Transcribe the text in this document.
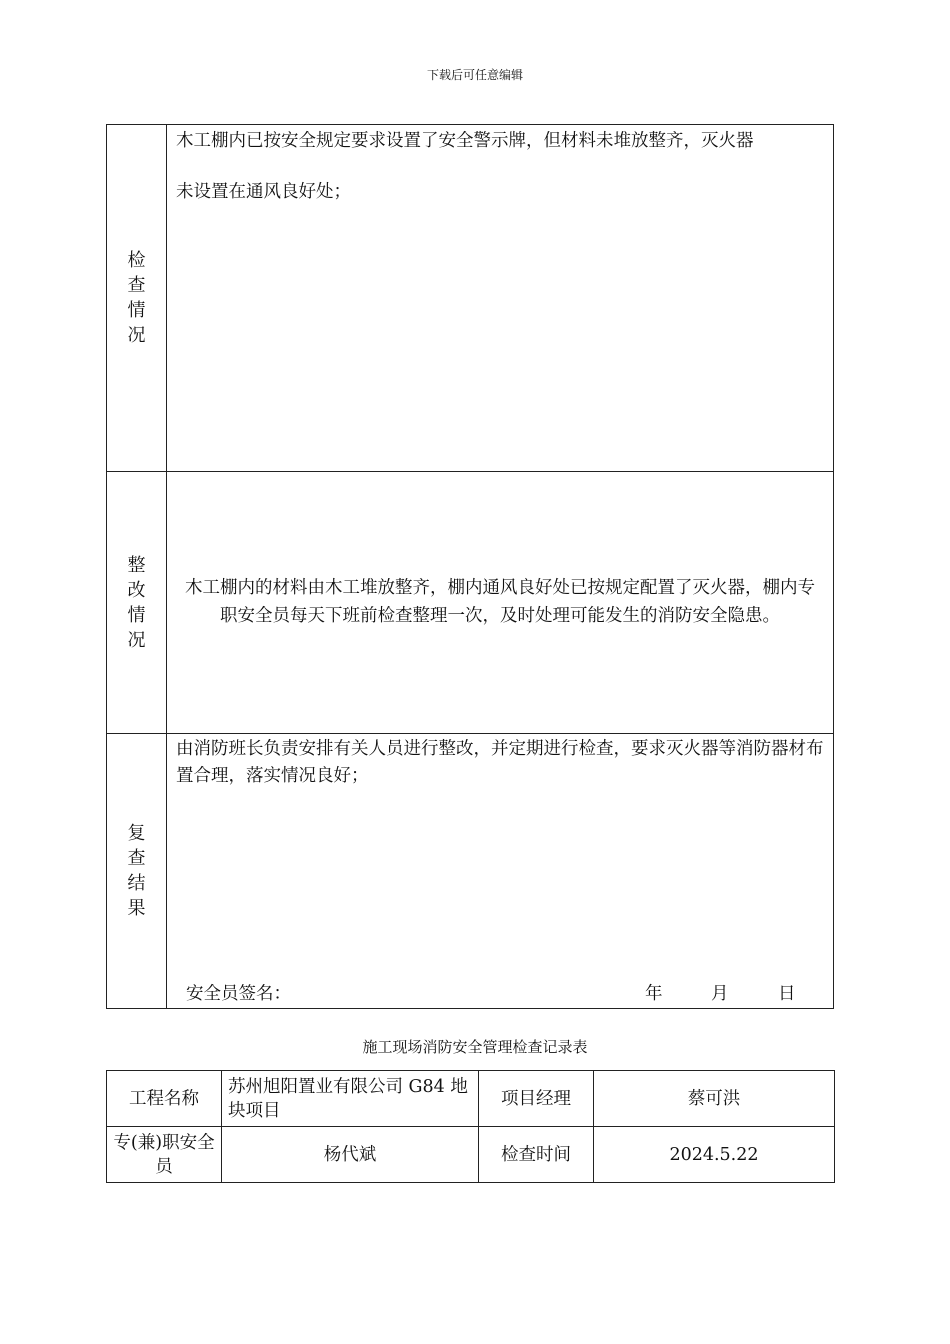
下载后可任意编辑
检查情况	木工棚内已按安全规定要求设置了安全警示牌，但材料未堆放整齐，灭火器
未设置在通风良好处；

整改情况	木工棚内的材料由木工堆放整齐，棚内通风良好处已按规定配置了灭火器，棚内专职安全员每天下班前检查整理一次，及时处理可能发生的消防安全隐患。

复查结果	由消防班长负责安排有关人员进行整改，并定期进行检查，要求灭火器等消防器材布置合理，落实情况良好；
安全员签名： 年 月 日
施工现场消防安全管理检查记录表
工程名称	苏州旭阳置业有限公司 G84 地块项目	项目经理	蔡可洪
专(兼)职安全员	杨代斌	检查时间	2024.5.22
